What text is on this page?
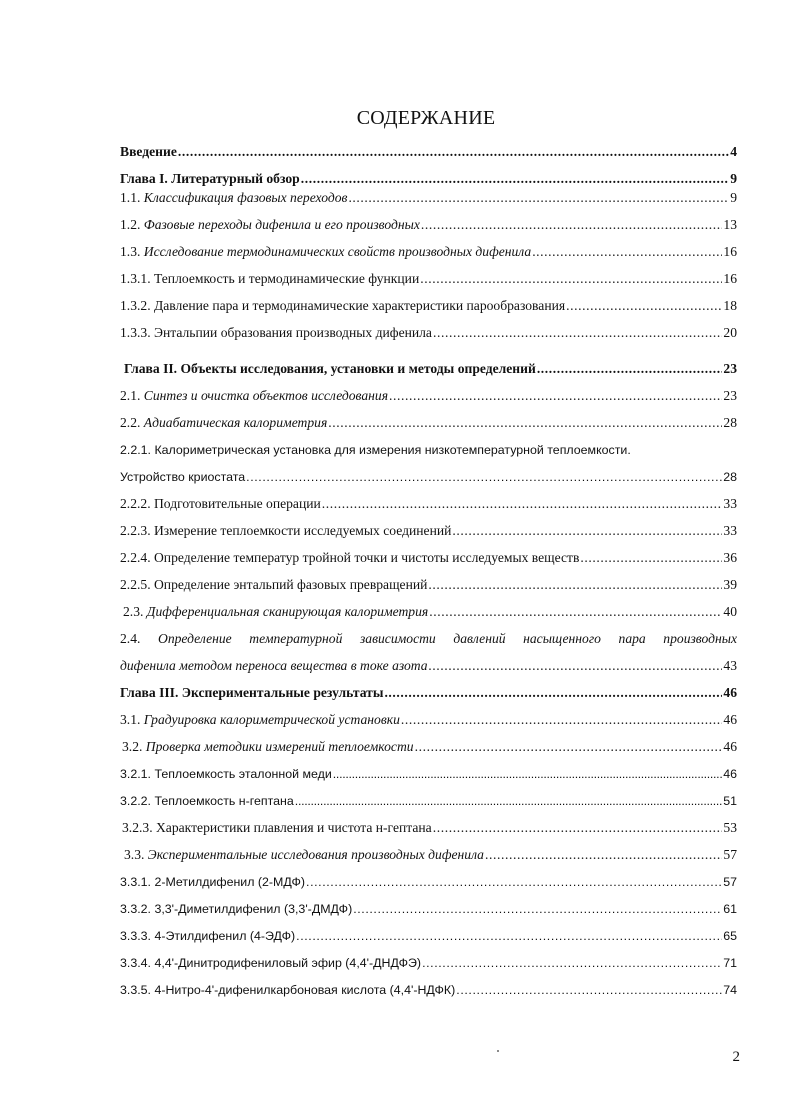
СОДЕРЖАНИЕ
Введение .....	4
Глава I. Литературный обзор .....	9
1.1. Классификация фазовых переходов .....	9
1.2. Фазовые переходы дифенила и его производных .....	13
1.3. Исследование термодинамических свойств производных дифенила .....	16
1.3.1. Теплоемкость и термодинамические функции .....	16
1.3.2. Давление пара и термодинамические характеристики парообразования .....	18
1.3.3. Энтальпии образования производных дифенила .....	20
Глава II. Объекты исследования, установки и методы определений .....	23
2.1. Синтез и очистка объектов исследования .....	23
2.2. Адиабатическая калориметрия .....	28
2.2.1. Калориметрическая установка для измерения низкотемпературной теплоемкости.
Устройство криостата .....	28
2.2.2. Подготовительные операции .....	33
2.2.3. Измерение теплоемкости исследуемых соединений .....	33
2.2.4. Определение температур тройной точки и чистоты исследуемых веществ .....	36
2.2.5. Определение энтальпий фазовых превращений .....	39
2.3. Дифференциальная сканирующая калориметрия .....	40
2.4. Определение температурной зависимости давлений насыщенного пара производных
дифенила методом переноса вещества в токе азота .....	43
Глава III. Экспериментальные результаты .....	46
3.1. Градуировка калориметрической установки .....	46
3.2. Проверка методики измерений теплоемкости .....	46
3.2.1. Теплоемкость эталонной меди .....	46
3.2.2. Теплоемкость н-гептана .....	51
3.2.3. Характеристики плавления и чистота н-гептана .....	53
3.3. Экспериментальные исследования производных дифенила .....	57
3.3.1. 2-Метилдифенил (2-МДФ) .....	57
3.3.2. 3,3'-Диметилдифенил (3,3'-ДМДФ) .....	61
3.3.3. 4-Этилдифенил (4-ЭДФ) .....	65
3.3.4. 4,4'-Динитродифениловый эфир (4,4'-ДНДФЭ) .....	71
3.3.5. 4-Нитро-4'-дифенилкарбоновая кислота (4,4'-НДФК) .....	74
2
